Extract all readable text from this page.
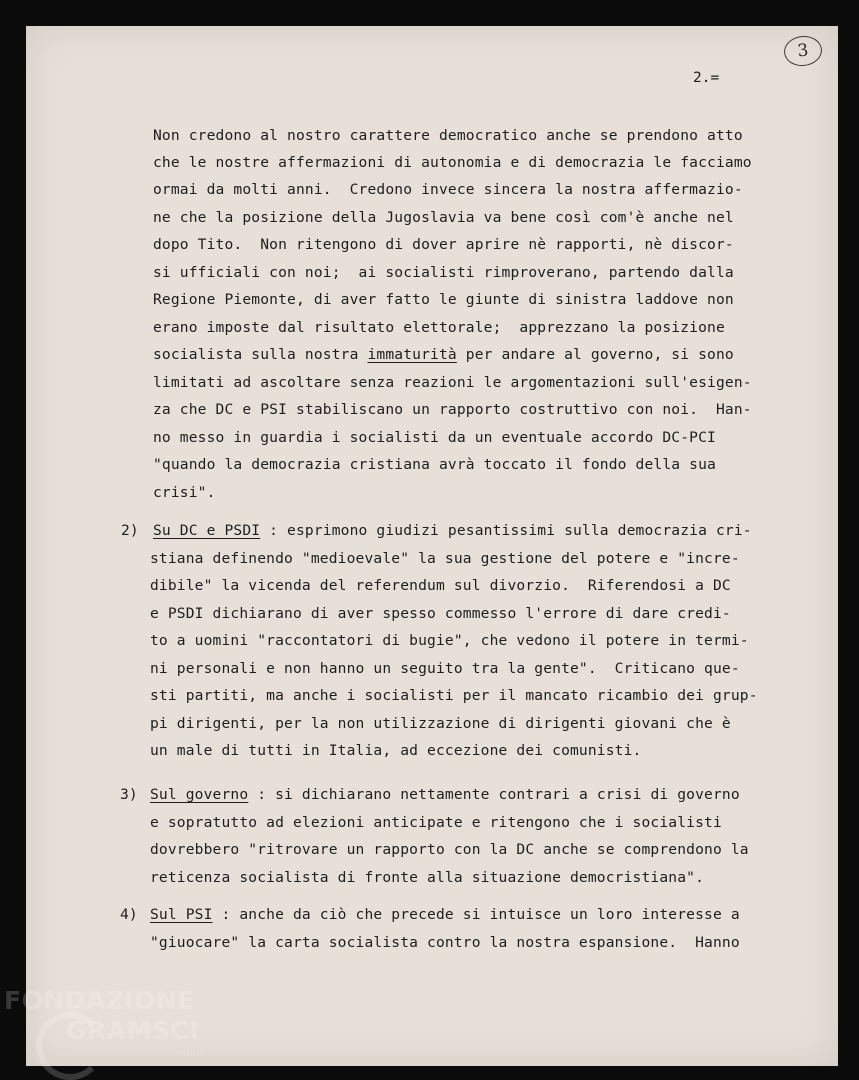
3
2.=
Non credono al nostro carattere democratico anche se prendono atto
che le nostre affermazioni di autonomia e di democrazia le facciamo
ormai da molti anni.  Credono invece sincera la nostra affermazio-
ne che la posizione della Jugoslavia va bene così com'è anche nel
dopo Tito.  Non ritengono di dover aprire nè rapporti, nè discor-
si ufficiali con noi;  ai socialisti rimproverano, partendo dalla
Regione Piemonte, di aver fatto le giunte di sinistra laddove non
erano imposte dal risultato elettorale;  apprezzano la posizione
socialista sulla nostra immaturità per andare al governo, si sono
limitati ad ascoltare senza reazioni le argomentazioni sull'esigen-
za che DC e PSI stabiliscano un rapporto costruttivo con noi.  Han-
no messo in guardia i socialisti da un eventuale accordo DC-PCI
"quando la democrazia cristiana avrà toccato il fondo della sua
crisi".
2) Su DC e PSDI : esprimono giudizi pesantissimi sulla democrazia cri-
stiana definendo "medioevale" la sua gestione del potere e "incre-
dibile" la vicenda del referendum sul divorzio.  Riferendosi a DC
e PSDI dichiarano di aver spesso commesso l'errore di dare credi-
to a uomini "raccontatori di bugie", che vedono il potere in termi-
ni personali e non hanno un seguito tra la gente".  Criticano que-
sti partiti, ma anche i socialisti per il mancato ricambio dei grup-
pi dirigenti, per la non utilizzazione di dirigenti giovani che è
un male di tutti in Italia, ad eccezione dei comunisti.
3) Sul governo : si dichiarano nettamente contrari a crisi di governo
e sopratutto ad elezioni anticipate e ritengono che i socialisti
dovrebbero "ritrovare un rapporto con la DC anche se comprendono la
reticenza socialista di fronte alla situazione democristiana".
4) Sul PSI : anche da ciò che precede si intuisce un loro interesse a
"giuocare" la carta socialista contro la nostra espansione.  Hanno
FONDAZIONE
GRAMSCI
onlus
